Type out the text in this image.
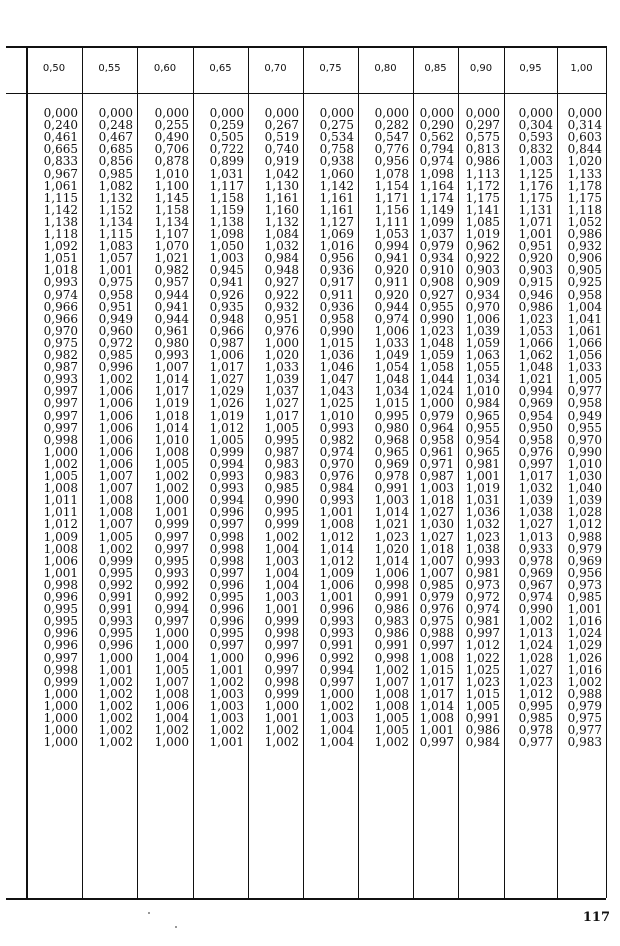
0,50	0,55	0,60	0,65	0,70	0,75	0,80	0,85	0,90	0,95	1,00
0,000	0,000	0,000	0,000	0,000	0,000	0,000 0,000 0,000	0,000	0,000
0,240	0,248	0,255	0,259	0,267	0,275	0,282 0,290 0,297	0,304	0,314
0,461	0,467	0,490	0,505	0,519	0,534	0,547 0,562 0,575	0,593	0,603
0,665	0,685	0,706	0,722	0,740	0,758	0,776 0,794 0,813	0,832	0,844
0,833	0,856	0,878	0,899	0,919	0,938	0,956 0,974 0,986	1,003	1,020
0,967	0,985	1,010	1,031	1,042	1,060	1,078 1,098 1,113	1,125	1,133
1,061	1,082	1,100	1,117	1,130	1,142	1,154 1,164 1,172	1,176	1,178
1,115	1,132	1,145	1,158	1,161	1,161	1,171 1,174 1,175	1,175	1,175
1,142	1,152	1,158	1,159	1,160	1,161	1,156 1,149 1,141	1,131	1,118
1,138	1,134	1,134	1,138	1,132	1,127	1,111 1,099 1,085	1,071	1,052
1,118	1,115	1,107	1,098	1,084	1,069	1,053 1,037 1,019	1,001	0,986
1,092	1,083	1,070	1,050	1,032	1,016	0,994 0,979 0,962	0,951	0,932
1,051	1,057	1,021	1,003	0,984	0,956	0,941 0,934 0,922	0,920	0,906
1,018	1,001	0,982	0,945	0,948	0,936	0,920 0,910 0,903	0,903	0,905
0,993	0,975	0,957	0,941	0,927	0,917	0,911 0,908 0,909	0,915	0,925
0,974	0,958	0,944	0,926	0,922	0,911	0,920 0,927 0,934	0,946	0,958
0,966	0,951	0,941	0,935	0,932	0,936	0,944 0,955 0,970	0,986	1,004
0,966	0,949	0,944	0,948	0,951	0,958	0,974 0,990 1,006	1,023	1,041
0,970	0,960	0,961	0,966	0,976	0,990	1,006 1,023 1,039	1,053	1,061
0,975	0,972	0,980	0,987	1,000	1,015	1,033 1,048 1,059	1,066	1,066
0,982	0,985	0,993	1,006	1,020	1,036	1,049 1,059 1,063	1,062	1,056
0,987	0,996	1,007	1,017	1,033	1,046	1,054 1,058 1,055	1,048	1,033
0,993	1,002	1,014	1,027	1,039	1,047	1,048 1,044 1,034	1,021	1,005
0,997	1,006	1,017	1,029	1,037	1,043	1,034 1,024 1,010	0,994	0,977
0,997	1,006	1,019	1,026	1,027	1,025	1,015 1,000 0,984	0,969	0,958
0,997	1,006	1,018	1,019	1,017	1,010	0,995 0,979 0,965	0,954	0,949
0,997	1,006	1,014	1,012	1,005	0,993	0,980 0,964 0,955	0,950	0,955
0,998	1,006	1,010	1,005	0,995	0,982	0,968 0,958 0,954	0,958	0,970
1,000	1,006	1,008	0,999	0,987	0,974	0,965 0,961 0,965	0,976	0,990
1,002	1,006	1,005	0,994	0,983	0,970	0,969 0,971 0,981	0,997	1,010
1,005	1,007	1,002	0,993	0,983	0,976	0,978 0,987 1,001	1,017	1,030
1,008	1,007	1,002	0,993	0,985	0,984	0,991 1,003 1,019	1,032	1,040
1,011	1,008	1,000	0,994	0,990	0,993	1,003 1,018 1,031	1,039	1,039
1,011	1,008	1,001	0,996	0,995	1,001	1,014 1,027 1,036	1,038	1,028
1,012	1,007	0,999	0,997	0,999	1,008	1,021 1,030 1,032	1,027	1,012
1,009	1,005	0,997	0,998	1,002	1,012	1,023 1,027 1,023	1,013	0,988
1,008	1,002	0,997	0,998	1,004	1,014	1,020 1,018 1,038	0,933	0,979
1,006	0,999	0,995	0,998	1,003	1,012	1,014 1,007 0,993	0,978	0,969
1,001	0,995	0,993	0,997	1,004	1,009	1,006 1,007 0,981	0,969	0,956
0,998	0,992	0,992	0,996	1,004	1,006	0,998 0,985 0,973	0,967	0,973
0,996	0,991	0,992	0,995	1,003	1,001	0,991 0,979 0,972	0,974	0,985
0,995	0,991	0,994	0,996	1,001	0,996	0,986 0,976 0,974	0,990	1,001
0,995	0,993	0,997	0,996	0,999	0,993	0,983 0,975 0,981	1,002	1,016
0,996	0,995	1,000	0,995	0,998	0,993	0,986 0,988 0,997	1,013	1,024
0,996	0,996	1,000	0,997	0,997	0,991	0,991 0,997 1,012	1,024	1,029
0,997	1,000	1,004	1,000	0,996	0,992	0,998 1,008 1,022	1,028	1,026
0,998	1,001	1,005	1,001	0,997	0,994	1,002 1,015 1,025	1,027	1,016
0,999	1,002	1,007	1,002	0,998	0,997	1,007 1,017 1,023	1,023	1,002
1,000	1,002	1,008	1,003	0,999	1,000	1,008 1,017 1,015	1,012	0,988
1,000	1,002	1,006	1,003	1,000	1,002	1,008 1,014 1,005	0,995	0,979
1,000	1,002	1,004	1,003	1,001	1,003	1,005 1,008 0,991	0,985	0,975
1,000	1,002	1,002	1,002	1,002	1,004	1,005 1,001 0,986	0,978	0,977
1,000	1,002	1,000	1,001	1,002	1,004	1,002 0,997 0,984	0,977	0,983
117
